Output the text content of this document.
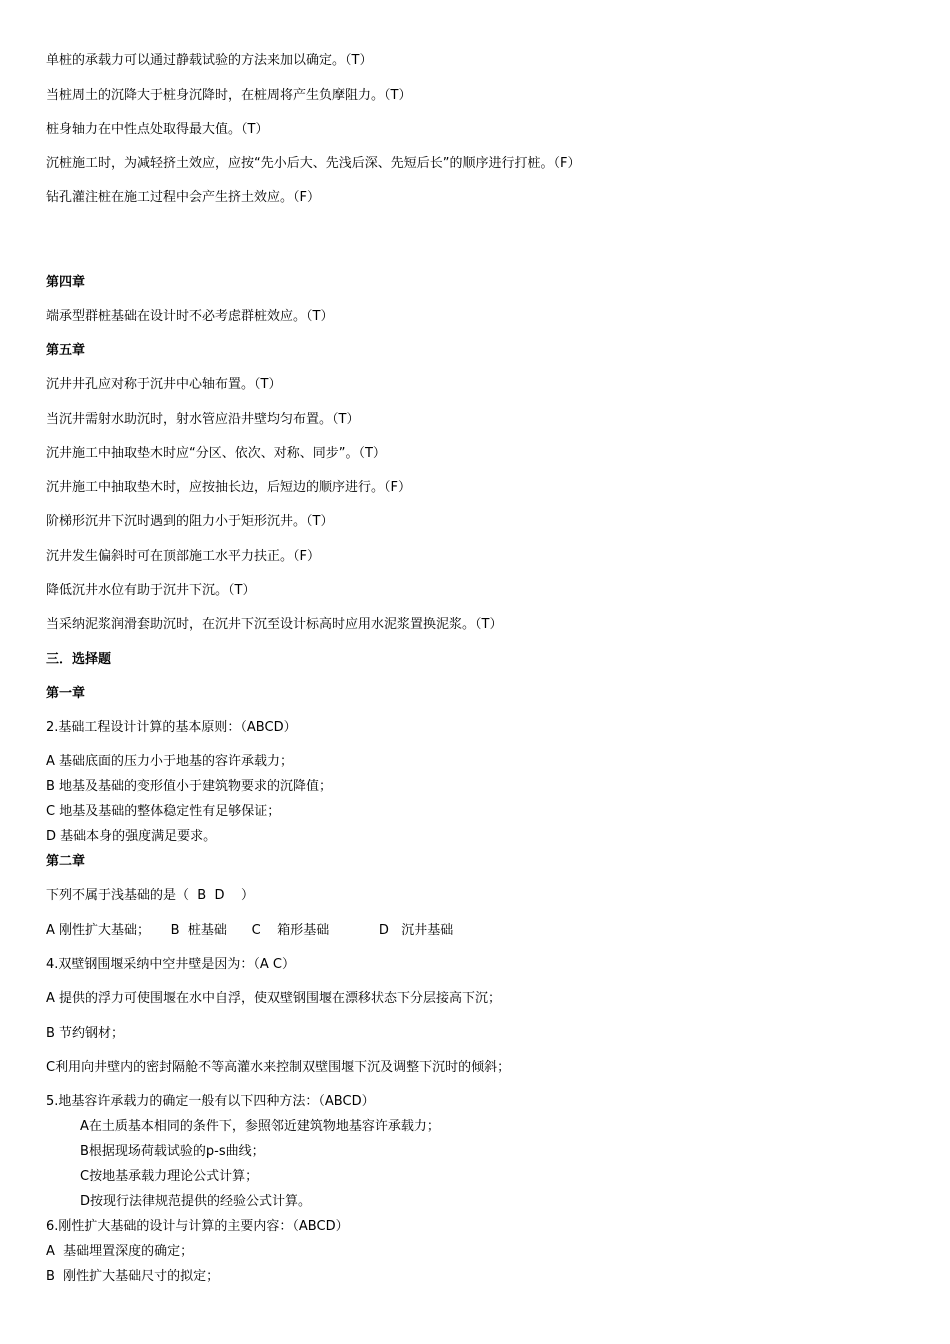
单桩的承载力可以通过静载试验的方法来加以确定。（T）
当桩周土的沉降大于桩身沉降时，在桩周将产生负摩阻力。（T）
桩身轴力在中性点处取得最大值。（T）
沉桩施工时，为减轻挤土效应，应按“先小后大、先浅后深、先短后长”的顺序进行打桩。（F）
钻孔灌注桩在施工过程中会产生挤土效应。（F）
第四章
端承型群桩基础在设计时不必考虑群桩效应。（T）
第五章
沉井井孔应对称于沉井中心轴布置。（T）
当沉井需射水助沉时，射水管应沿井壁均匀布置。（T）
沉井施工中抽取垫木时应“分区、依次、对称、同步”。（T）
沉井施工中抽取垫木时，应按抽长边，后短边的顺序进行。（F）
阶梯形沉井下沉时遇到的阻力小于矩形沉井。（T）
沉井发生偏斜时可在顶部施工水平力扶正。（F）
降低沉井水位有助于沉井下沉。（T）
当采纳泥浆润滑套助沉时，在沉井下沉至设计标高时应用水泥浆置换泥浆。（T）
三．选择题
第一章
2.基础工程设计计算的基本原则：（ABCD）
A 基础底面的压力小于地基的容许承载力；
B 地基及基础的变形值小于建筑物要求的沉降值；
C 地基及基础的整体稳定性有足够保证；
D 基础本身的强度满足要求。
第二章
下列不属于浅基础的是（  B  D    ）
A 刚性扩大基础；     B  桩基础      C    箱形基础            D   沉井基础
4.双壁钢围堰采纳中空井壁是因为：（A C）
A 提供的浮力可使围堰在水中自浮，使双壁钢围堰在漂移状态下分层接高下沉；
B 节约钢材；
C利用向井壁内的密封隔舱不等高灌水来控制双壁围堰下沉及调整下沉时的倾斜；
5.地基容许承载力的确定一般有以下四种方法：（ABCD）
A在土质基本相同的条件下，参照邻近建筑物地基容许承载力；
B根据现场荷载试验的p-s曲线；
C按地基承载力理论公式计算；
D按现行法律规范提供的经验公式计算。
6.刚性扩大基础的设计与计算的主要内容：（ABCD）
A  基础埋置深度的确定；
B  刚性扩大基础尺寸的拟定；
